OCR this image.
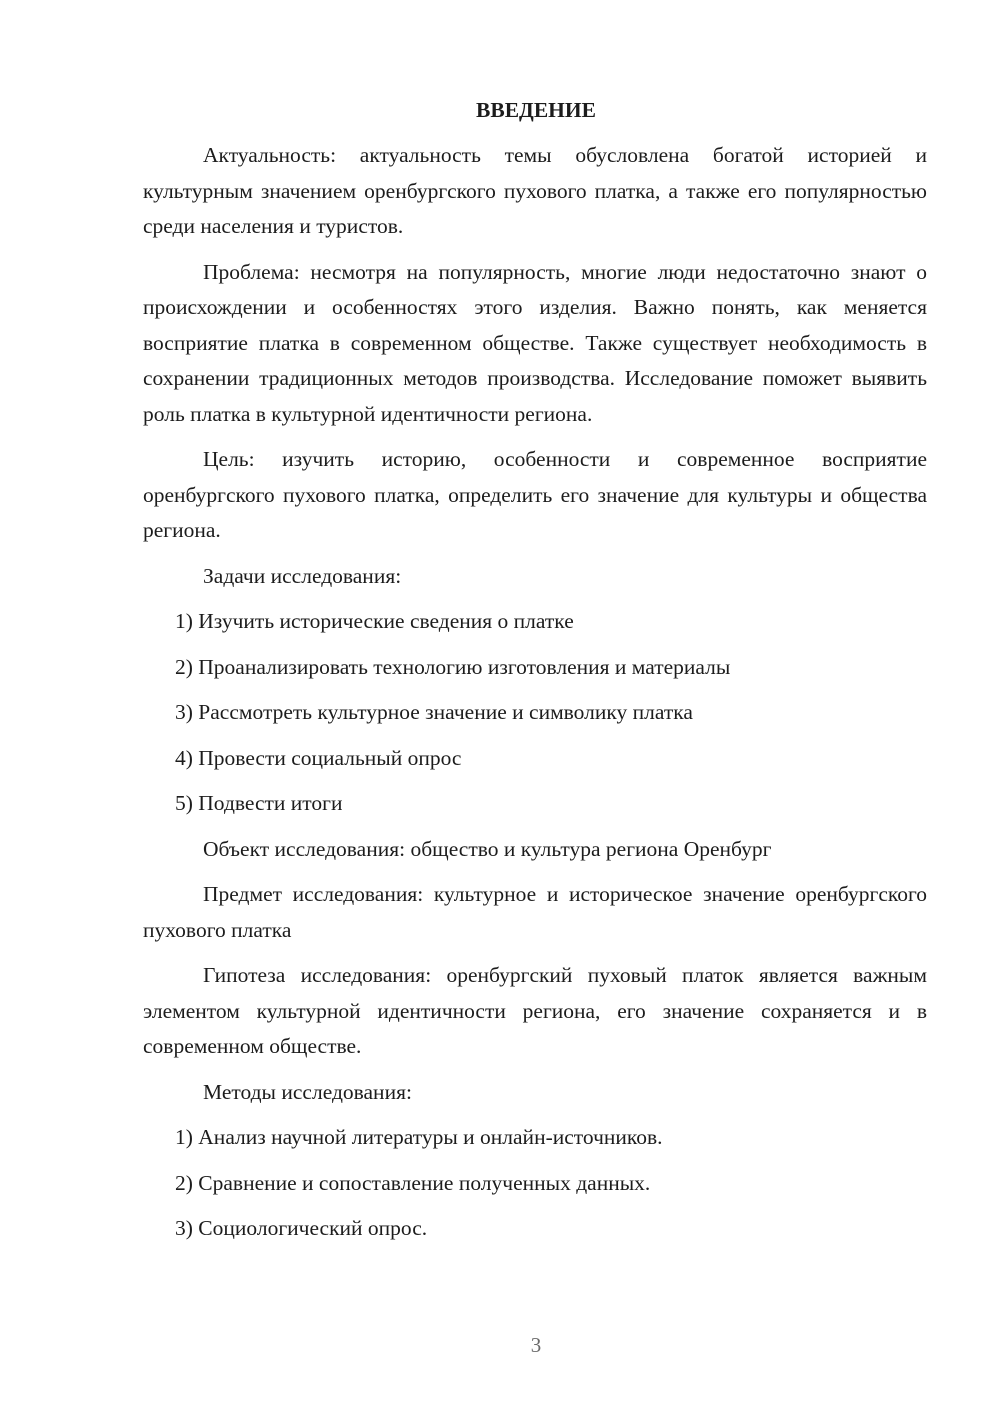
ВВЕДЕНИЕ

Актуальность: актуальность темы обусловлена богатой историей и культурным значением оренбургского пухового платка, а также его популярностью среди населения и туристов.

Проблема: несмотря на популярность, многие люди недостаточно знают о происхождении и особенностях этого изделия. Важно понять, как меняется восприятие платка в современном обществе. Также существует необходимость в сохранении традиционных методов производства. Исследование поможет выявить роль платка в культурной идентичности региона.

Цель: изучить историю, особенности и современное восприятие оренбургского пухового платка, определить его значение для культуры и общества региона.

Задачи исследования:

1) Изучить исторические сведения о платке
2) Проанализировать технологию изготовления и материалы
3) Рассмотреть культурное значение и символику платка
4) Провести социальный опрос
5) Подвести итоги

Объект исследования: общество и культура региона Оренбург

Предмет исследования: культурное и историческое значение оренбургского пухового платка

Гипотеза исследования: оренбургский пуховый платок является важным элементом культурной идентичности региона, его значение сохраняется и в современном обществе.

Методы исследования:

1) Анализ научной литературы и онлайн-источников.
2) Сравнение и сопоставление полученных данных.
3) Социологический опрос.
3
